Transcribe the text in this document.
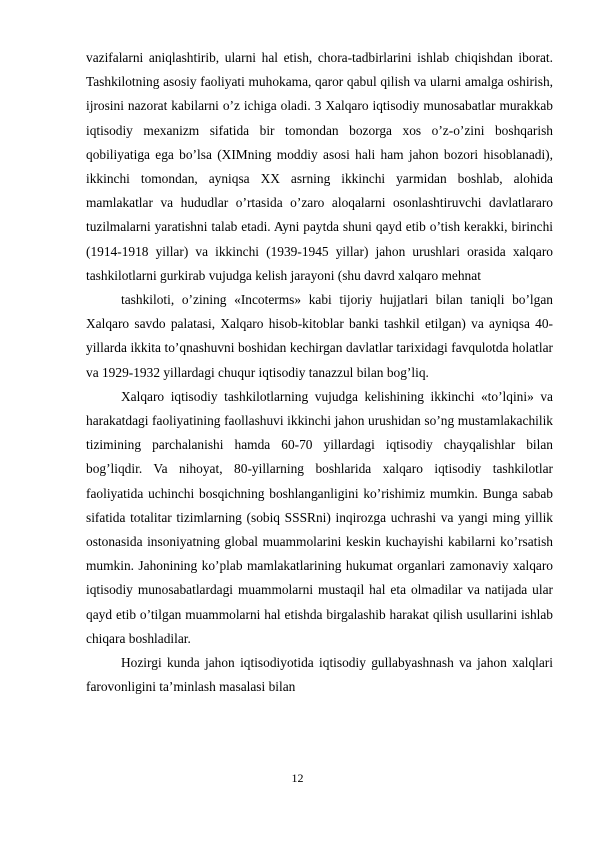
vazifalarni aniqlashtirib, ularni hal etish, chora-tadbirlarini ishlab chiqishdan iborat. Tashkilotning asosiy faoliyati muhokama, qaror qabul qilish va ularni amalga oshirish, ijrosini nazorat kabilarni o’z ichiga oladi. 3 Xalqaro iqtisodiy munosabatlar murakkab iqtisodiy mexanizm sifatida bir tomondan bozorga xos o’z-o’zini boshqarish qobiliyatiga ega bo’lsa (XIMning moddiy asosi hali ham jahon bozori hisoblanadi), ikkinchi tomondan, ayniqsa XX asrning ikkinchi yarmidan boshlab, alohida mamlakatlar va hududlar o’rtasida o’zaro aloqalarni osonlashtiruvchi davlatlararo tuzilmalarni yaratishni talab etadi. Ayni paytda shuni qayd etib o’tish kerakki, birinchi (1914-1918 yillar) va ikkinchi (1939-1945 yillar) jahon urushlari orasida xalqaro tashkilotlarni gurkirab vujudga kelish jarayoni (shu davrd xalqaro mehnat

tashkiloti, o’zining «Incoterms» kabi tijoriy hujjatlari bilan taniqli bo’lgan Xalqaro savdo palatasi, Xalqaro hisob-kitoblar banki tashkil etilgan) va ayniqsa 40-yillarda ikkita to’qnashuvni boshidan kechirgan davlatlar tarixidagi favqulotda holatlar va 1929-1932 yillardagi chuqur iqtisodiy tanazzul bilan bog’liq.

Xalqaro iqtisodiy tashkilotlarning vujudga kelishining ikkinchi «to’lqini» va harakatdagi faoliyatining faollashuvi ikkinchi jahon urushidan so’ng mustamlakachilik tizimining parchalanishi hamda 60-70 yillardagi iqtisodiy chayqalishlar bilan bog’liqdir. Va nihoyat, 80-yillarning boshlarida xalqaro iqtisodiy tashkilotlar faoliyatida uchinchi bosqichning boshlanganligini ko’rishimiz mumkin. Bunga sabab sifatida totalitar tizimlarning (sobiq SSSRni) inqirozga uchrashi va yangi ming yillik ostonasida insoniyatning global muammolarini keskin kuchayishi kabilarni ko’rsatish mumkin. Jahonining ko’plab mamlakatlarining hukumat organlari zamonaviy xalqaro iqtisodiy munosabatlardagi muammolarni mustaqil hal eta olmadilar va natijada ular qayd etib o’tilgan muammolarni hal etishda birgalashib harakat qilish usullarini ishlab chiqara boshladilar.

Hozirgi kunda jahon iqtisodiyotida iqtisodiy gullabyashnash va jahon xalqlari farovonligini ta’minlash masalasi bilan

12
